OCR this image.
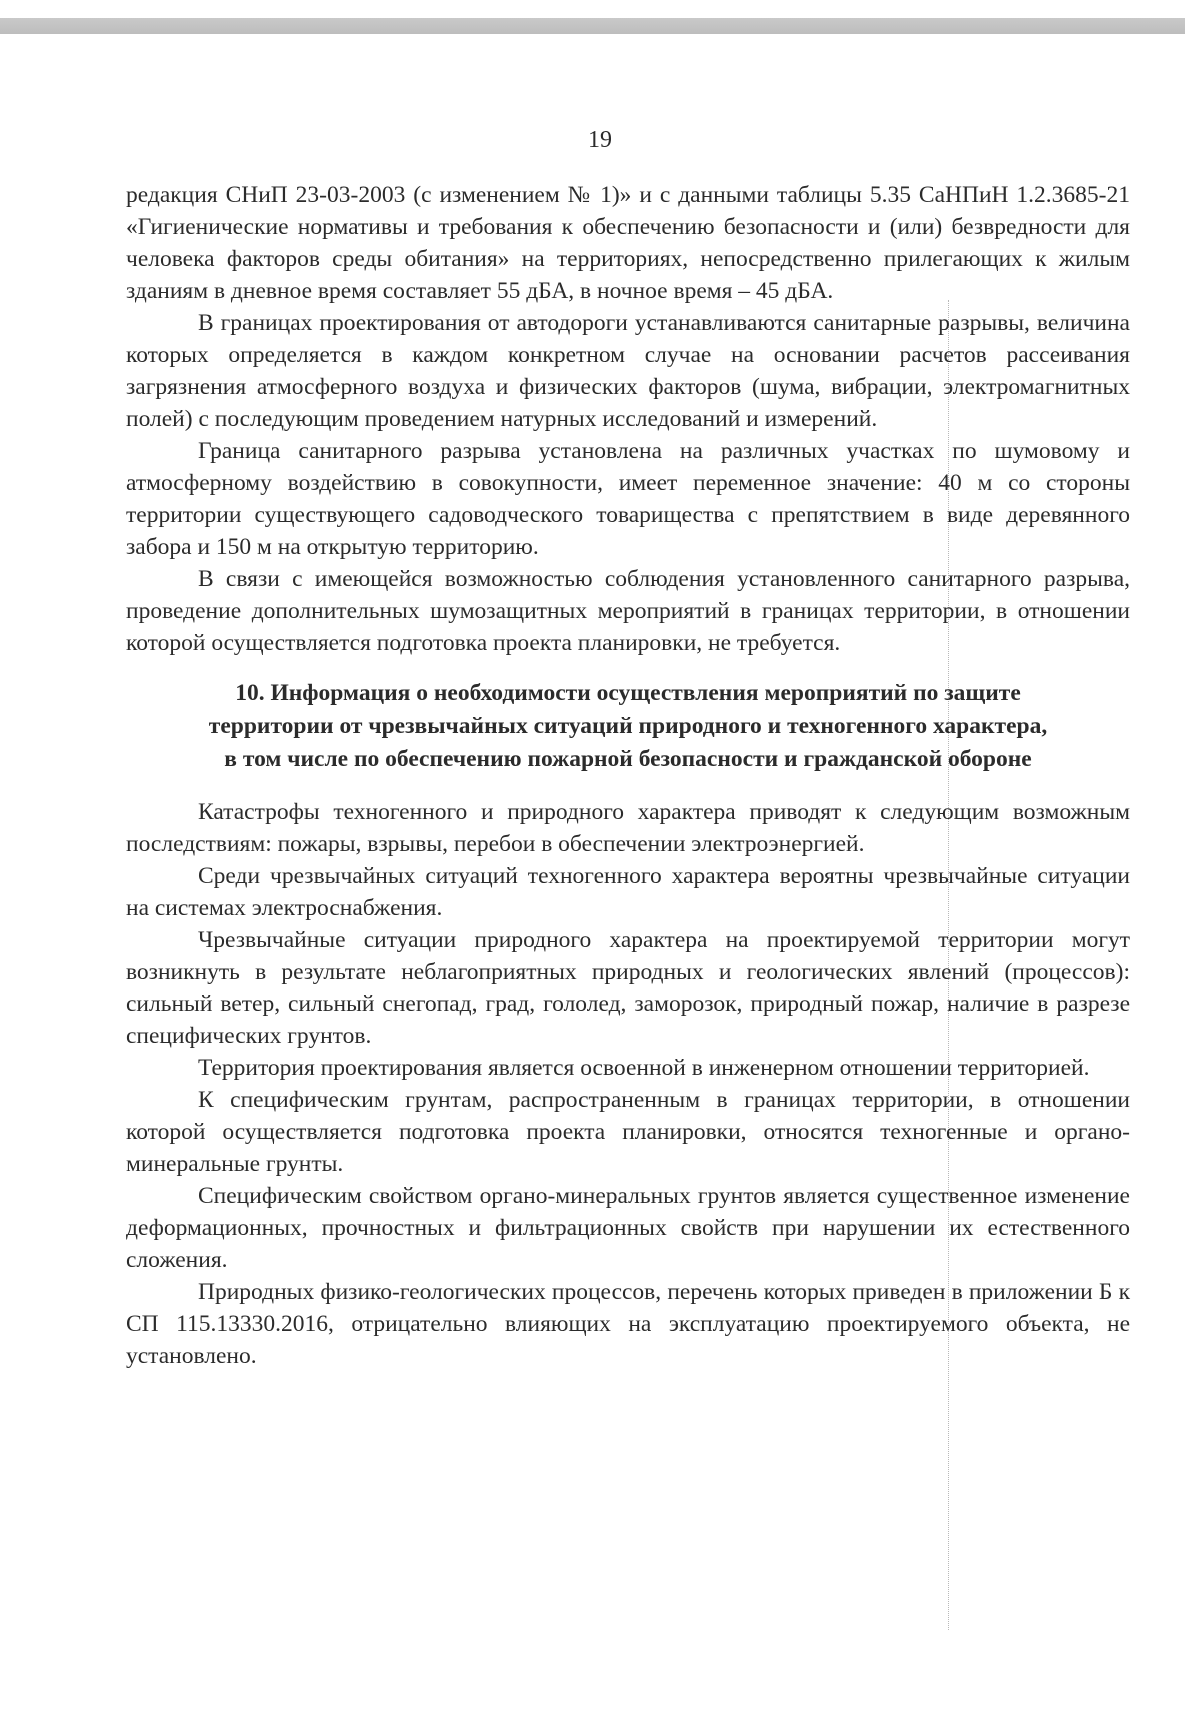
19

редакция СНиП 23-03-2003 (с изменением № 1)» и с данными таблицы 5.35 СаНПиН 1.2.3685-21 «Гигиенические нормативы и требования к обеспечению безопасности и (или) безвредности для человека факторов среды обитания» на территориях, непосредственно прилегающих к жилым зданиям в дневное время составляет 55 дБА, в ночное время – 45 дБА.

В границах проектирования от автодороги устанавливаются санитарные разрывы, величина которых определяется в каждом конкретном случае на основании расчетов рассеивания загрязнения атмосферного воздуха и физических факторов (шума, вибрации, электромагнитных полей) с последующим проведением натурных исследований и измерений.

Граница санитарного разрыва установлена на различных участках по шумовому и атмосферному воздействию в совокупности, имеет переменное значение: 40 м со стороны территории существующего садоводческого товарищества с препятствием в виде деревянного забора и 150 м на открытую территорию.

В связи с имеющейся возможностью соблюдения установленного санитарного разрыва, проведение дополнительных шумозащитных мероприятий в границах территории, в отношении которой осуществляется подготовка проекта планировки, не требуется.

10. Информация о необходимости осуществления мероприятий по защите
территории от чрезвычайных ситуаций природного и техногенного характера,
в том числе по обеспечению пожарной безопасности и гражданской обороне

Катастрофы техногенного и природного характера приводят к следующим возможным последствиям: пожары, взрывы, перебои в обеспечении электроэнергией.

Среди чрезвычайных ситуаций техногенного характера вероятны чрезвычайные ситуации на системах электроснабжения.

Чрезвычайные ситуации природного характера на проектируемой территории могут возникнуть в результате неблагоприятных природных и геологических явлений (процессов): сильный ветер, сильный снегопад, град, гололед, заморозок, природный пожар, наличие в разрезе специфических грунтов.

Территория проектирования является освоенной в инженерном отношении территорией.

К специфическим грунтам, распространенным в границах территории, в отношении которой осуществляется подготовка проекта планировки, относятся техногенные и органо-минеральные грунты.

Специфическим свойством органо-минеральных грунтов является существенное изменение деформационных, прочностных и фильтрационных свойств при нарушении их естественного сложения.

Природных физико-геологических процессов, перечень которых приведен в приложении Б к СП 115.13330.2016, отрицательно влияющих на эксплуатацию проектируемого объекта, не установлено.
